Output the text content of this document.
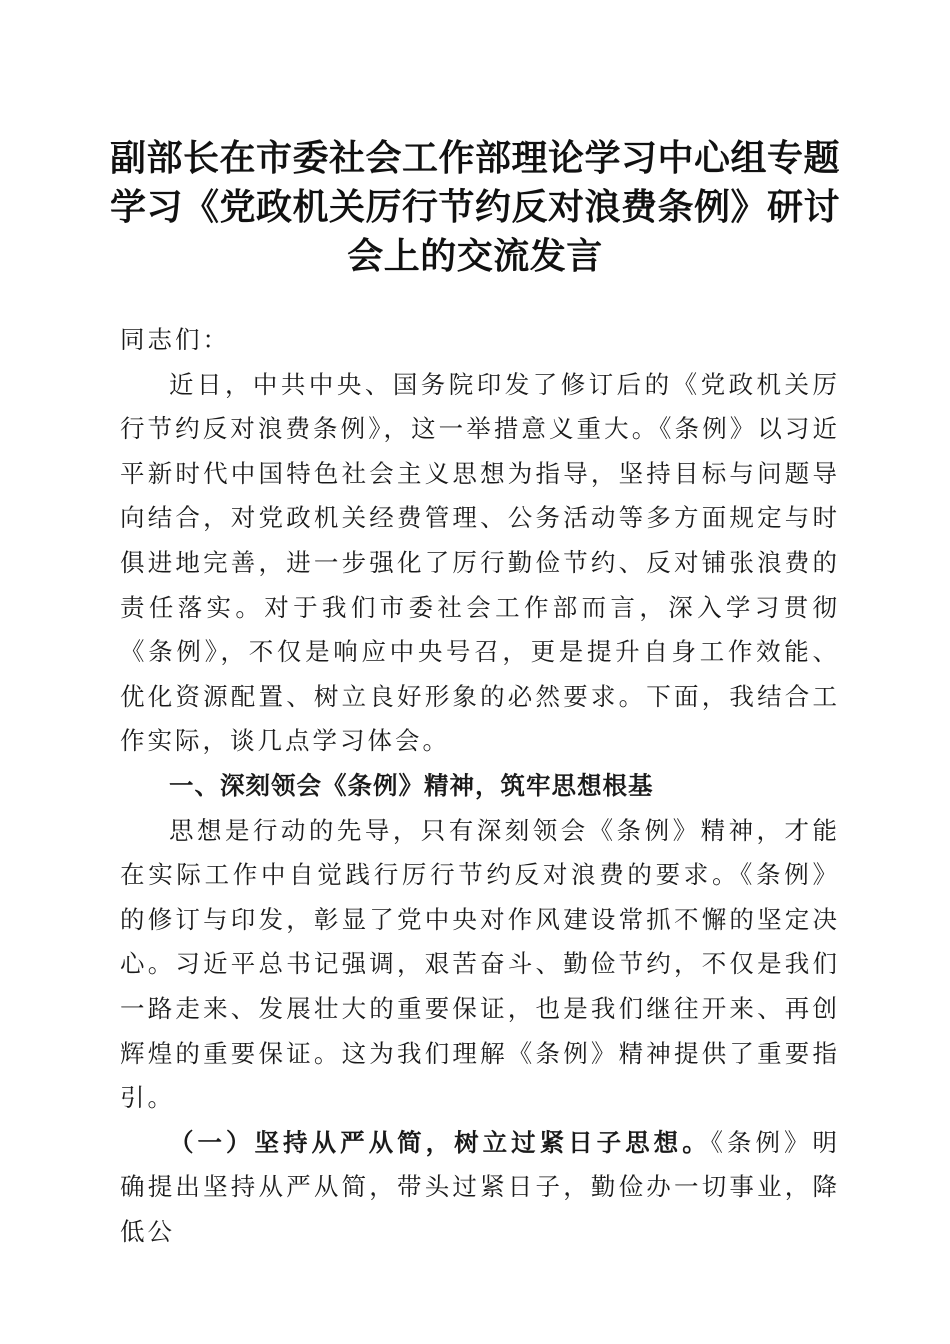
副部长在市委社会工作部理论学习中心组专题
学习《党政机关厉行节约反对浪费条例》研讨
会上的交流发言

同志们：

近日，中共中央、国务院印发了修订后的《党政机关厉行节约反对浪费条例》，这一举措意义重大。《条例》以习近平新时代中国特色社会主义思想为指导，坚持目标与问题导向结合，对党政机关经费管理、公务活动等多方面规定与时俱进地完善，进一步强化了厉行勤俭节约、反对铺张浪费的责任落实。对于我们市委社会工作部而言，深入学习贯彻《条例》，不仅是响应中央号召，更是提升自身工作效能、优化资源配置、树立良好形象的必然要求。下面，我结合工作实际，谈几点学习体会。

一、深刻领会《条例》精神，筑牢思想根基

思想是行动的先导，只有深刻领会《条例》精神，才能在实际工作中自觉践行厉行节约反对浪费的要求。《条例》的修订与印发，彰显了党中央对作风建设常抓不懈的坚定决心。习近平总书记强调，艰苦奋斗、勤俭节约，不仅是我们一路走来、发展壮大的重要保证，也是我们继往开来、再创辉煌的重要保证。这为我们理解《条例》精神提供了重要指引。

（一）坚持从严从简，树立过紧日子思想。《条例》明确提出坚持从严从简，带头过紧日子，勤俭办一切事业，降低公
